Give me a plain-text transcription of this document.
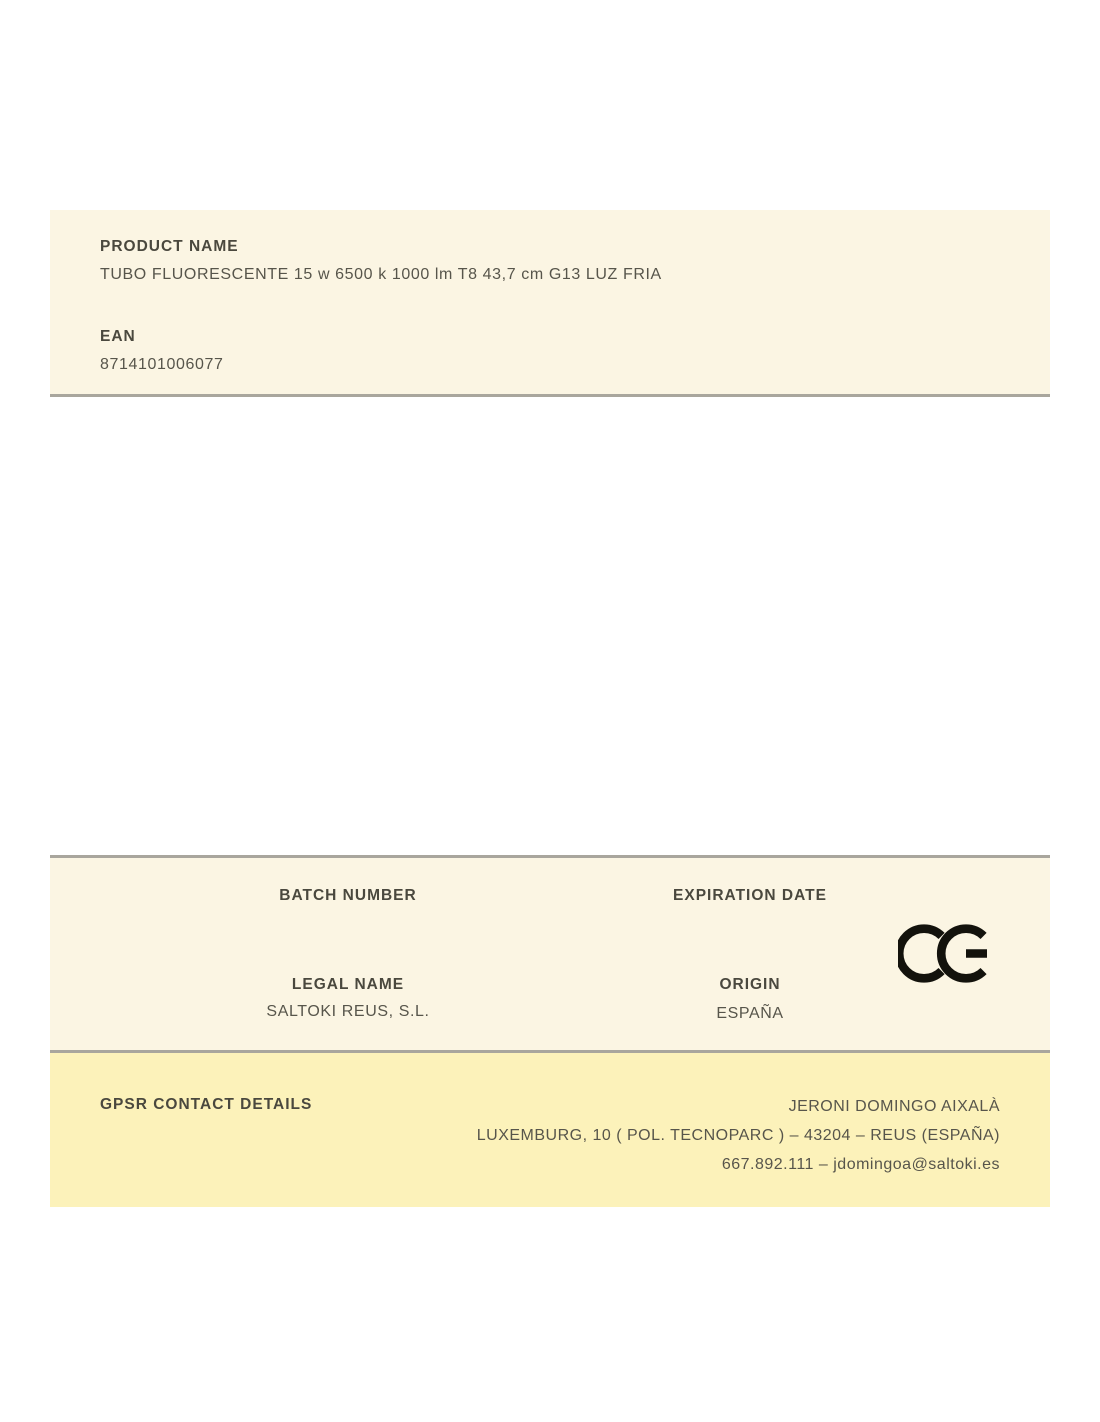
PRODUCT NAME
TUBO FLUORESCENTE 15 w 6500 k 1000 lm T8 43,7 cm G13 LUZ FRIA
EAN
8714101006077
BATCH NUMBER	EXPIRATION DATE
LEGAL NAME
SALTOKI REUS, S.L.
ORIGIN
ESPAÑA
GPSR CONTACT DETAILS	JERONI DOMINGO AIXALÀ
LUXEMBURG, 10 ( POL. TECNOPARC ) – 43204 – REUS (ESPAÑA)
667.892.111 – jdomingoa@saltoki.es
